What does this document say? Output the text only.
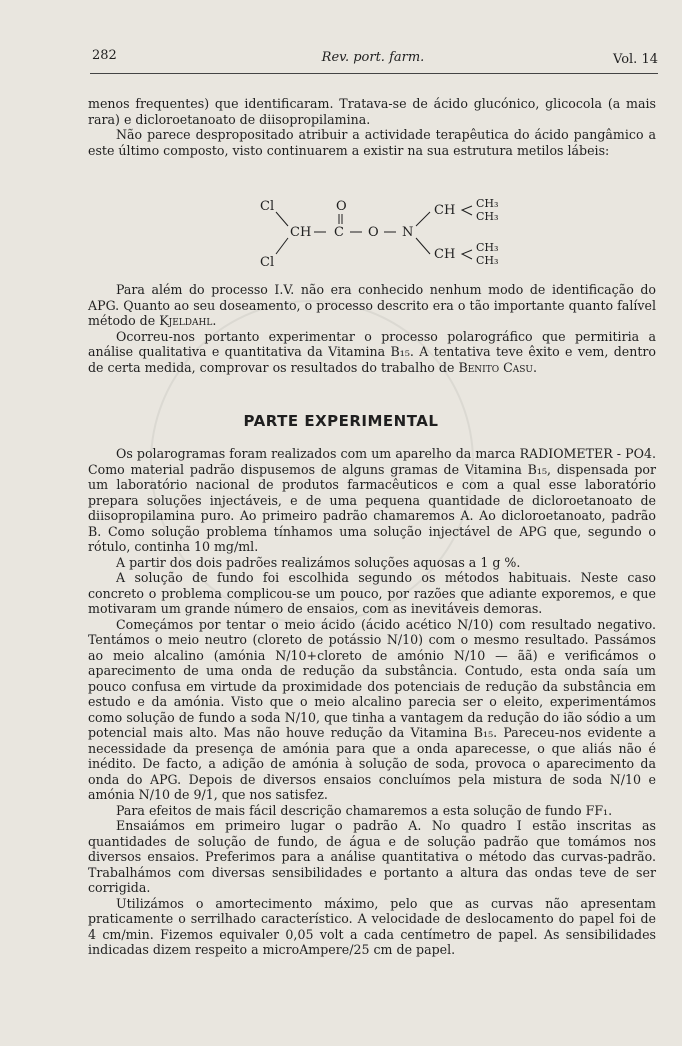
282	Rev. port. farm.	Vol. 14

menos frequentes) que identificaram. Tratava-se de ácido glucónico, glicocola (a mais rara) e dicloroetanoato de diisopropilamina.

Não parece despropositado atribuir a actividade terapêutica do ácido pangâmico a este último composto, visto continuarem a existir na sua estrutura metilos lábeis:

Cl
Cl
CH
O
C O N
CH
CH
CH₃
CH₃
CH₃
CH₃

Para além do processo I.V. não era conhecido nenhum modo de identificação do APG. Quanto ao seu doseamento, o processo descrito era o tão importante quanto falível método de Kjeldahl.

Ocorreu-nos portanto experimentar o processo polarográfico que permitiria a análise qualitativa e quantitativa da Vitamina B₁₅. A tentativa teve êxito e vem, dentro de certa medida, comprovar os resultados do trabalho de Benito Casu.

PARTE EXPERIMENTAL

Os polarogramas foram realizados com um aparelho da marca RADIOMETER - PO4. Como material padrão dispusemos de alguns gramas de Vitamina B₁₅, dispensada por um laboratório nacional de produtos farmacêuticos e com a qual esse laboratório prepara soluções injectáveis, e de uma pequena quantidade de dicloroetanoato de diisopropilamina puro. Ao primeiro padrão chamaremos A. Ao dicloroetanoato, padrão B. Como solução problema tínhamos uma solução injectável de APG que, segundo o rótulo, continha 10 mg/ml.

A partir dos dois padrões realizámos soluções aquosas a 1 g %.

A solução de fundo foi escolhida segundo os métodos habituais. Neste caso concreto o problema complicou-se um pouco, por razões que adiante exporemos, e que motivaram um grande número de ensaios, com as inevitáveis demoras.

Começámos por tentar o meio ácido (ácido acético N/10) com resultado negativo. Tentámos o meio neutro (cloreto de potássio N/10) com o mesmo resultado. Passámos ao meio alcalino (amónia N/10+cloreto de amónio N/10 — ãã) e verificámos o aparecimento de uma onda de redução da substância. Contudo, esta onda saía um pouco confusa em virtude da proximidade dos potenciais de redução da substância em estudo e da amónia. Visto que o meio alcalino parecia ser o eleito, experimentámos como solução de fundo a soda N/10, que tinha a vantagem da redução do ião sódio a um potencial mais alto. Mas não houve redução da Vitamina B₁₅. Pareceu-nos evidente a necessidade da presença de amónia para que a onda aparecesse, o que aliás não é inédito. De facto, a adição de amónia à solução de soda, provoca o aparecimento da onda do APG. Depois de diversos ensaios concluímos pela mistura de soda N/10 e amónia N/10 de 9/1, que nos satisfez.

Para efeitos de mais fácil descrição chamaremos a esta solução de fundo FF₁.

Ensaiámos em primeiro lugar o padrão A. No quadro I estão inscritas as quantidades de solução de fundo, de água e de solução padrão que tomámos nos diversos ensaios. Preferimos para a análise quantitativa o método das curvas-padrão. Trabalhámos com diversas sensibilidades e portanto a altura das ondas teve de ser corrigida.

Utilizámos o amortecimento máximo, pelo que as curvas não apresentam praticamente o serrilhado característico. A velocidade de deslocamento do papel foi de 4 cm/min. Fizemos equivaler 0,05 volt a cada centímetro de papel. As sensibilidades indicadas dizem respeito a microAmpere/25 cm de papel.
